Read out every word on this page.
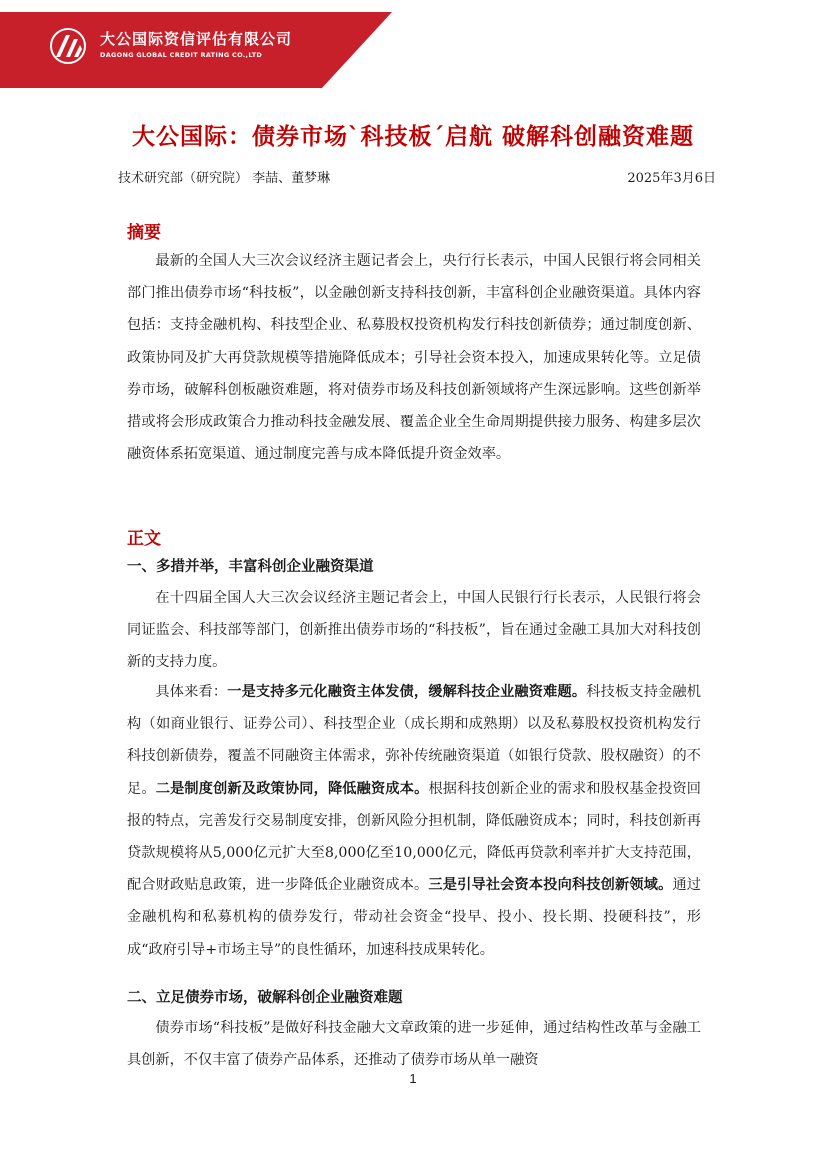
大公国际资信评估有限公司
DAGONG GLOBAL CREDIT RATING CO.,LTD
大公国际：债券市场ˋ科技板ˊ启航 破解科创融资难题
技术研究部（研究院） 李喆、董梦琳	2025年3月6日
摘要

最新的全国人大三次会议经济主题记者会上，央行行长表示，中国人民银行将会同相关部门推出债券市场“科技板”，以金融创新支持科技创新，丰富科创企业融资渠道。具体内容包括：支持金融机构、科技型企业、私募股权投资机构发行科技创新债券；通过制度创新、政策协同及扩大再贷款规模等措施降低成本；引导社会资本投入，加速成果转化等。立足债券市场，破解科创板融资难题，将对债券市场及科技创新领域将产生深远影响。这些创新举措或将会形成政策合力推动科技金融发展、覆盖企业全生命周期提供接力服务、构建多层次融资体系拓宽渠道、通过制度完善与成本降低提升资金效率。

正文
一、多措并举，丰富科创企业融资渠道

在十四届全国人大三次会议经济主题记者会上，中国人民银行行长表示，人民银行将会同证监会、科技部等部门，创新推出债券市场的“科技板”，旨在通过金融工具加大对科技创新的支持力度。

具体来看：一是支持多元化融资主体发债，缓解科技企业融资难题。科技板支持金融机构（如商业银行、证券公司）、科技型企业（成长期和成熟期）以及私募股权投资机构发行科技创新债券，覆盖不同融资主体需求，弥补传统融资渠道（如银行贷款、股权融资）的不足。二是制度创新及政策协同，降低融资成本。根据科技创新企业的需求和股权基金投资回报的特点，完善发行交易制度安排，创新风险分担机制，降低融资成本；同时，科技创新再贷款规模将从5,000亿元扩大至8,000亿至10,000亿元，降低再贷款利率并扩大支持范围，配合财政贴息政策，进一步降低企业融资成本。三是引导社会资本投向科技创新领域。通过金融机构和私募机构的债券发行，带动社会资金“投早、投小、投长期、投硬科技”，形成“政府引导+市场主导”的良性循环，加速科技成果转化。

二、立足债券市场，破解科创企业融资难题

债券市场“科技板”是做好科技金融大文章政策的进一步延伸，通过结构性改革与金融工具创新，不仅丰富了债券产品体系，还推动了债券市场从单一融资

1
